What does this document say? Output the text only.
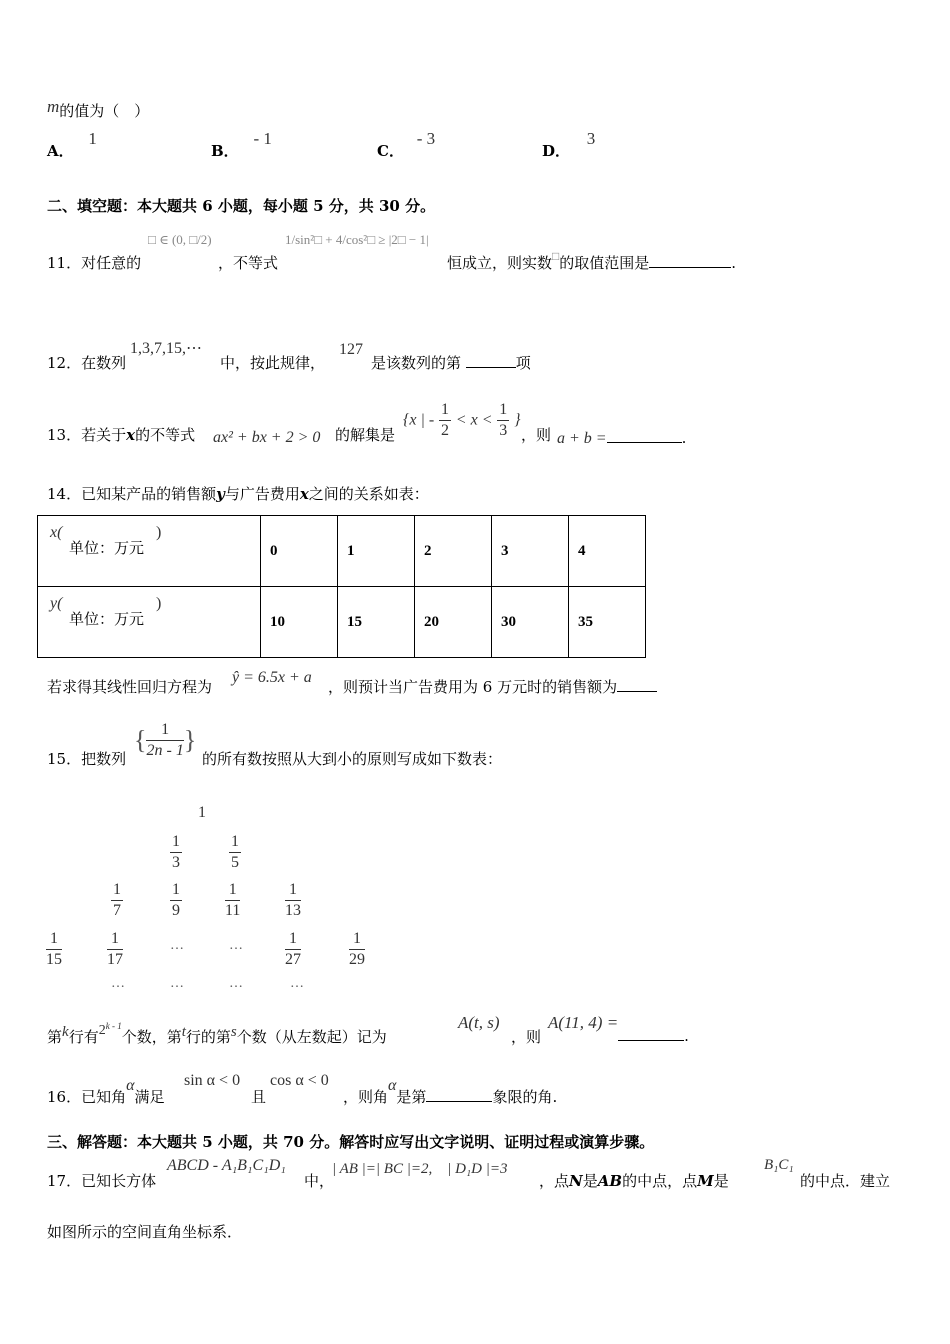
m的值为（　）
A． 1
B． - 1
C． - 3
D． 3
二、填空题：本大题共 6 小题，每小题 5 分，共 30 分。
11．对任意的
□ ∈ (0, □/2)
，不等式
1/sin²□ + 4/cos²□ ≥ |2□ − 1|
恒成立，则实数□的取值范围是	.
12．在数列
1,3,7,15,⋯
中，按此规律，
127
是该数列的第	项
13．若关于x的不等式 ax² + bx + 2 > 0 的解集是
{x | - $\frac{1}{2} < x < \frac{1}{3}$ }
，则 a + b =	.
14．已知某产品的销售额y与广告费用x之间的关系如表：
x(
单位：万元
)	0	1	2	3	4

y(
单位：万元
)	10	15	20	30	35
若求得其线性回归方程为
ŷ = 6.5x + a
，则预计当广告费用为 6 万元时的销售额为
15．把数列
{ $\frac{1}{2n - 1}$ }
的所有数按照从大到小的原则写成如下数表：
1
$\frac{1}{3}$	$\frac{1}{5}$
$\frac{1}{7}$	$\frac{1}{9}$	$\frac{1}{11}$	$\frac{1}{13}$
$\frac{1}{15}$	$\frac{1}{17}$	…	…	$\frac{1}{27}$	$\frac{1}{29}$
…	…	…	…
第k行有2$^{k - 1}$个数，第t行的第s个数（从左数起）记为
A(t, s)
，则
A(11, 4) =.
16．已知角α满足
sin α < 0
且
cos α < 0
，则角α是第	象限的角.
三、解答题：本大题共 5 小题，共 70 分。解答时应写出文字说明、证明过程或演算步骤。
17．已知长方体
ABCD - A₁B₁C₁D₁
中，
| AB |=| BC |=2,　| D₁D |=3
，点N是AB的中点，点M是
B₁C₁
的中点．建立
如图所示的空间直角坐标系．
